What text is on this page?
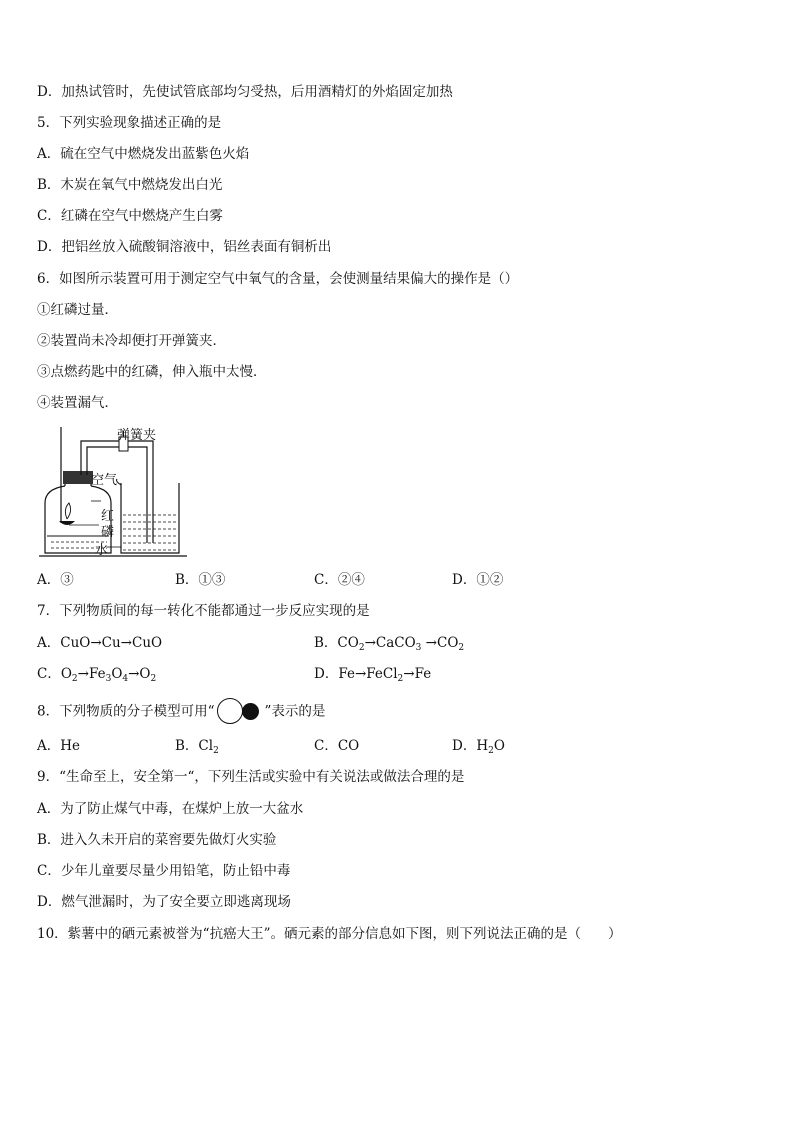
D．加热试管时，先使试管底部均匀受热，后用酒精灯的外焰固定加热
5．下列实验现象描述正确的是
A．硫在空气中燃烧发出蓝紫色火焰
B．木炭在氧气中燃烧发出白光
C．红磷在空气中燃烧产生白雾
D．把铝丝放入硫酸铜溶液中，铝丝表面有铜析出
6．如图所示装置可用于测定空气中氧气的含量，会使测量结果偏大的操作是（）
①红磷过量．
②装置尚未冷却便打开弹簧夹．
③点燃药匙中的红磷，伸入瓶中太慢．
④装置漏气．
弹簧夹
空气
红
磷
水
A．③	B．①③	C．②④	D．①②
7．下列物质间的每一转化不能都通过一步反应实现的是
A．CuO→Cu→CuO	B．$CO_2\to CaCO_3 \to CO_2$
C．$O_2\to Fe_3O_4\to O_2$	D．Fe→FeCl$_2$→Fe
8．下列物质的分子模型可用“	”表示的是
A．He	B．$Cl_2$	C．CO	D．$H_2O$
9．“生命至上，安全第一“，下列生活或实验中有关说法或做法合理的是
A．为了防止煤气中毒，在煤炉上放一大盆水
B．进入久未开启的菜窖要先做灯火实验
C．少年儿童要尽量少用铅笔，防止铅中毒
D．燃气泄漏时，为了安全要立即逃离现场
10．紫薯中的硒元素被誉为“抗癌大王”。硒元素的部分信息如下图，则下列说法正确的是（　　）
